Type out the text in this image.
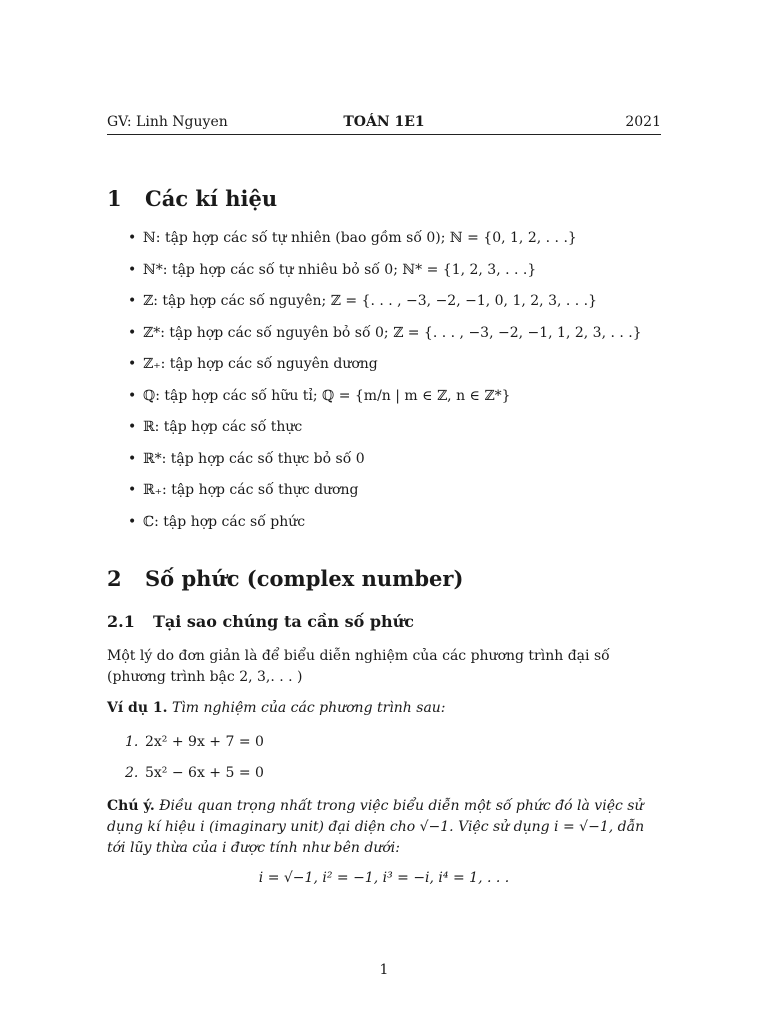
GV: Linh Nguyen	TOÁN 1E1	2021
1 Các kí hiệu
• ℕ: tập hợp các số tự nhiên (bao gồm số 0); ℕ = {0, 1, 2, . . .}
• ℕ*: tập hợp các số tự nhiêu bỏ số 0; ℕ* = {1, 2, 3, . . .}
• ℤ: tập hợp các số nguyên; ℤ = {. . . , −3, −2, −1, 0, 1, 2, 3, . . .}
• ℤ*: tập hợp các số nguyên bỏ số 0; ℤ = {. . . , −3, −2, −1, 1, 2, 3, . . .}
• ℤ₊: tập hợp các số nguyên dương
• ℚ: tập hợp các số hữu tỉ; ℚ = {m/n | m ∈ ℤ, n ∈ ℤ*}
• ℝ: tập hợp các số thực
• ℝ*: tập hợp các số thực bỏ số 0
• ℝ₊: tập hợp các số thực dương
• ℂ: tập hợp các số phức
2 Số phức (complex number)
2.1 Tại sao chúng ta cần số phức
Một lý do đơn giản là để biểu diễn nghiệm của các phương trình đại số (phương trình bậc 2, 3,. . . )
Ví dụ 1. Tìm nghiệm của các phương trình sau:
1. 2x² + 9x + 7 = 0
2. 5x² − 6x + 5 = 0
Chú ý. Điều quan trọng nhất trong việc biểu diễn một số phức đó là việc sử dụng kí hiệu i (imaginary unit) đại diện cho √−1. Việc sử dụng i = √−1, dẫn tới lũy thừa của i được tính như bên dưới:
i = √−1, i² = −1, i³ = −i, i⁴ = 1, . . .
1
